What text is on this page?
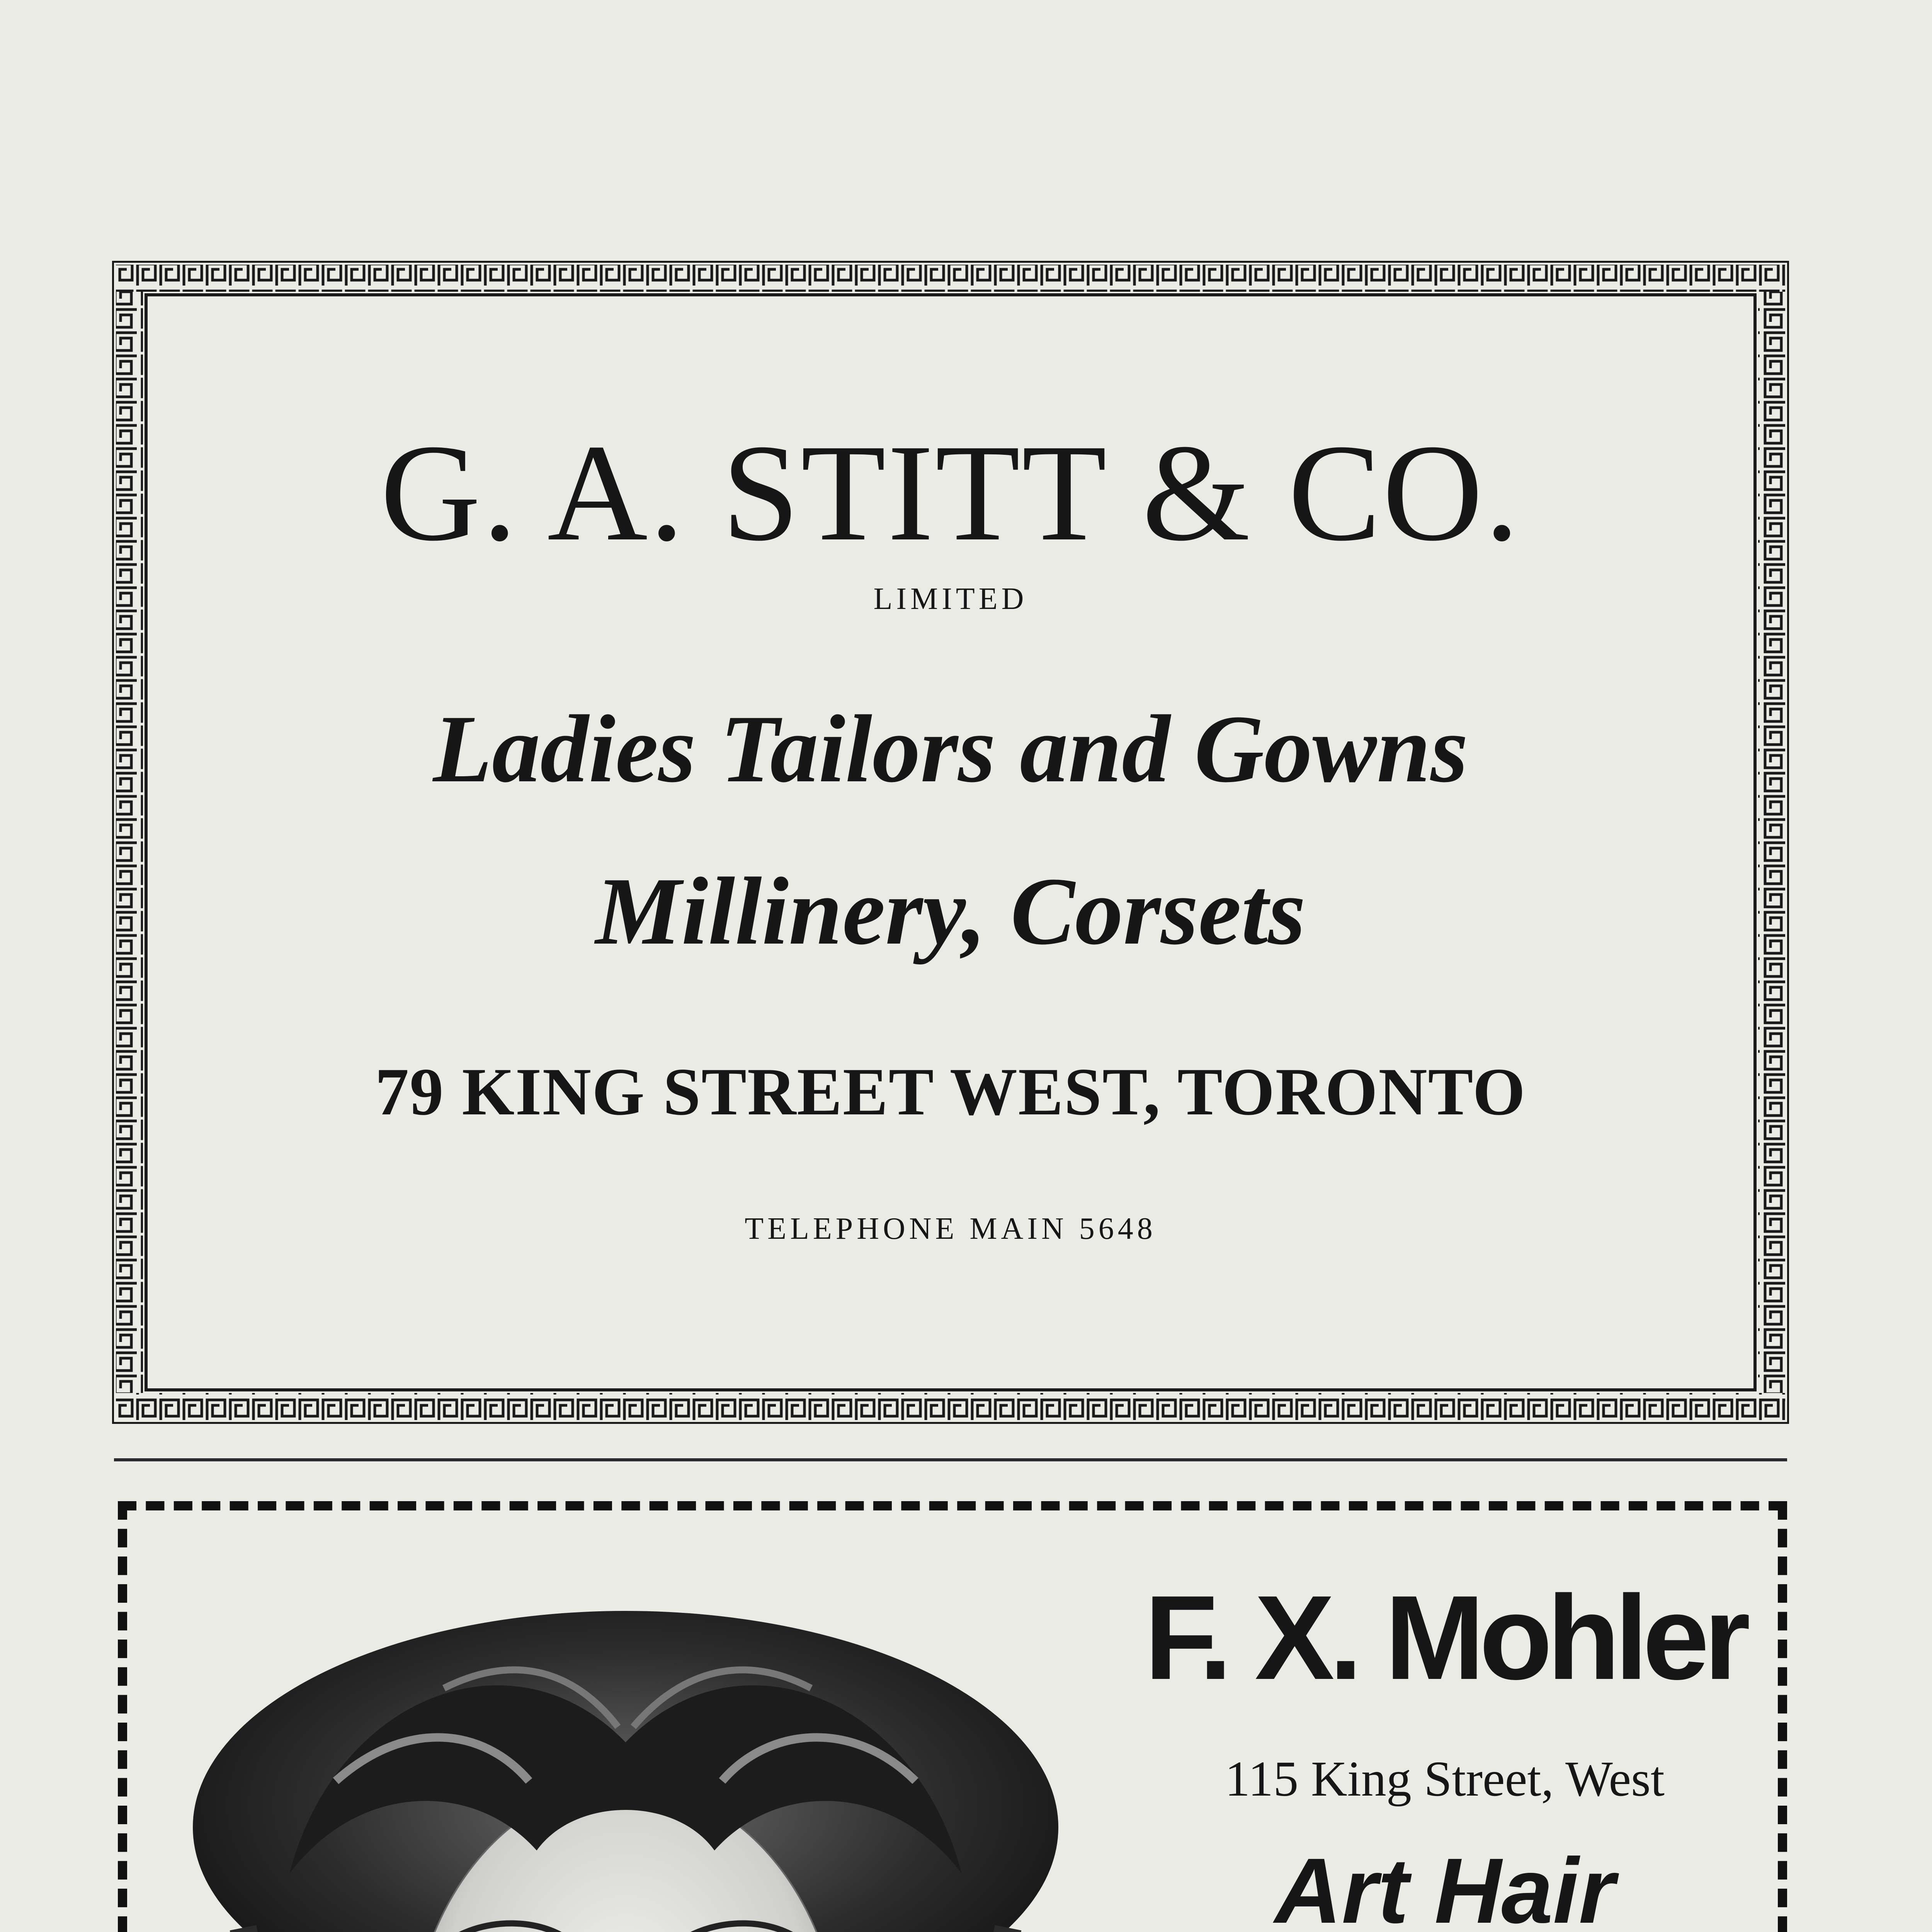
G. A. STITT & CO.
LIMITED
Ladies Tailors and Gowns
Millinery, Corsets
79 KING STREET WEST, TORONTO
TELEPHONE MAIN 5648
F. X. Mohler
115 King Street, West
Art Hair
